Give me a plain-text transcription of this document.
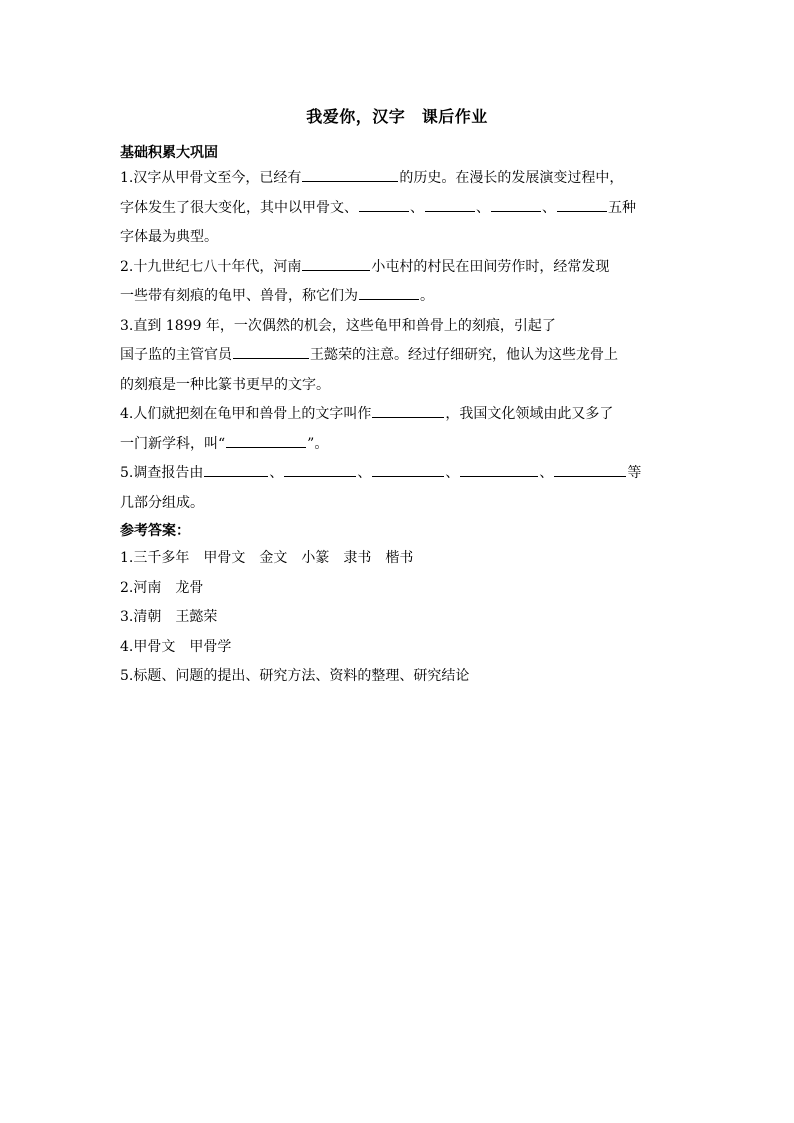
我爱你，汉字　课后作业
基础积累大巩固
1.汉字从甲骨文至今，已经有	的历史。在漫长的发展演变过程中，
字体发生了很大变化，其中以甲骨文、	、	、	、	五种
字体最为典型。
2.十九世纪七八十年代，河南	小屯村的村民在田间劳作时，经常发现
一些带有刻痕的龟甲、兽骨，称它们为	。
3.直到 1899 年，一次偶然的机会，这些龟甲和兽骨上的刻痕，引起了
国子监的主管官员	王懿荣的注意。经过仔细研究，他认为这些龙骨上
的刻痕是一种比篆书更早的文字。
4.人们就把刻在龟甲和兽骨上的文字叫作	，我国文化领域由此又多了
一门新学科，叫“	”。
5.调查报告由	、	、	、	、	等
几部分组成。
参考答案：
1.三千多年 甲骨文 金文 小篆 隶书 楷书
2.河南 龙骨
3.清朝 王懿荣
4.甲骨文 甲骨学
5.标题、问题的提出、研究方法、资料的整理、研究结论
